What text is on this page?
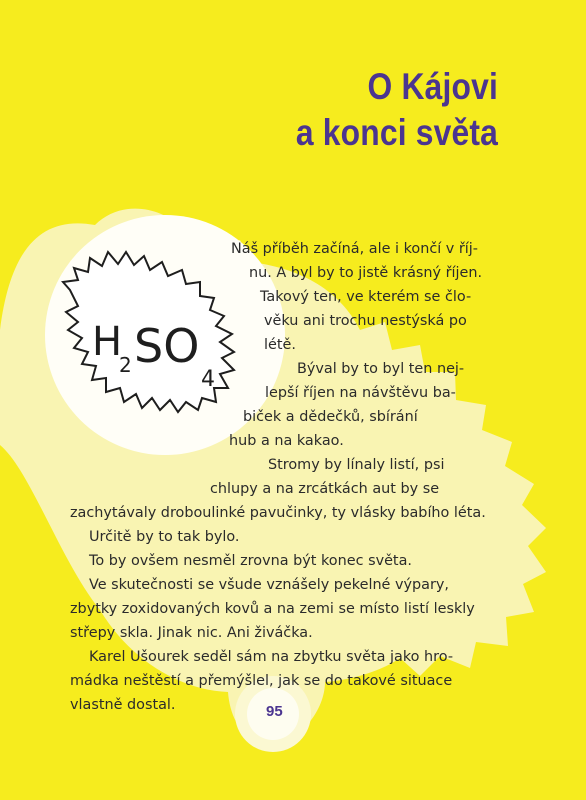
H
2 SO
4
O Kájovi
a konci světa
Náš příběh začíná, ale i končí v říj-
nu. A byl by to jistě krásný říjen.
Takový ten, ve kterém se člo-
věku ani trochu nestýská po
létě.
Býval by to byl ten nej-
lepší říjen na návštěvu ba-
biček a dědečků, sbírání
hub a na kakao.
Stromy by línaly listí, psi
chlupy a na zrcátkách aut by se
zachytávaly droboulinké pavučinky, ty vlásky babího léta.
Určitě by to tak bylo.
To by ovšem nesměl zrovna být konec světa.
Ve skutečnosti se všude vznášely pekelné výpary,
zbytky zoxidovaných kovů a na zemi se místo listí leskly
střepy skla. Jinak nic. Ani živáčka.
Karel Ušourek seděl sám na zbytku světa jako hro-
mádka neštěstí a přemýšlel, jak se do takové situace
vlastně dostal.	95
